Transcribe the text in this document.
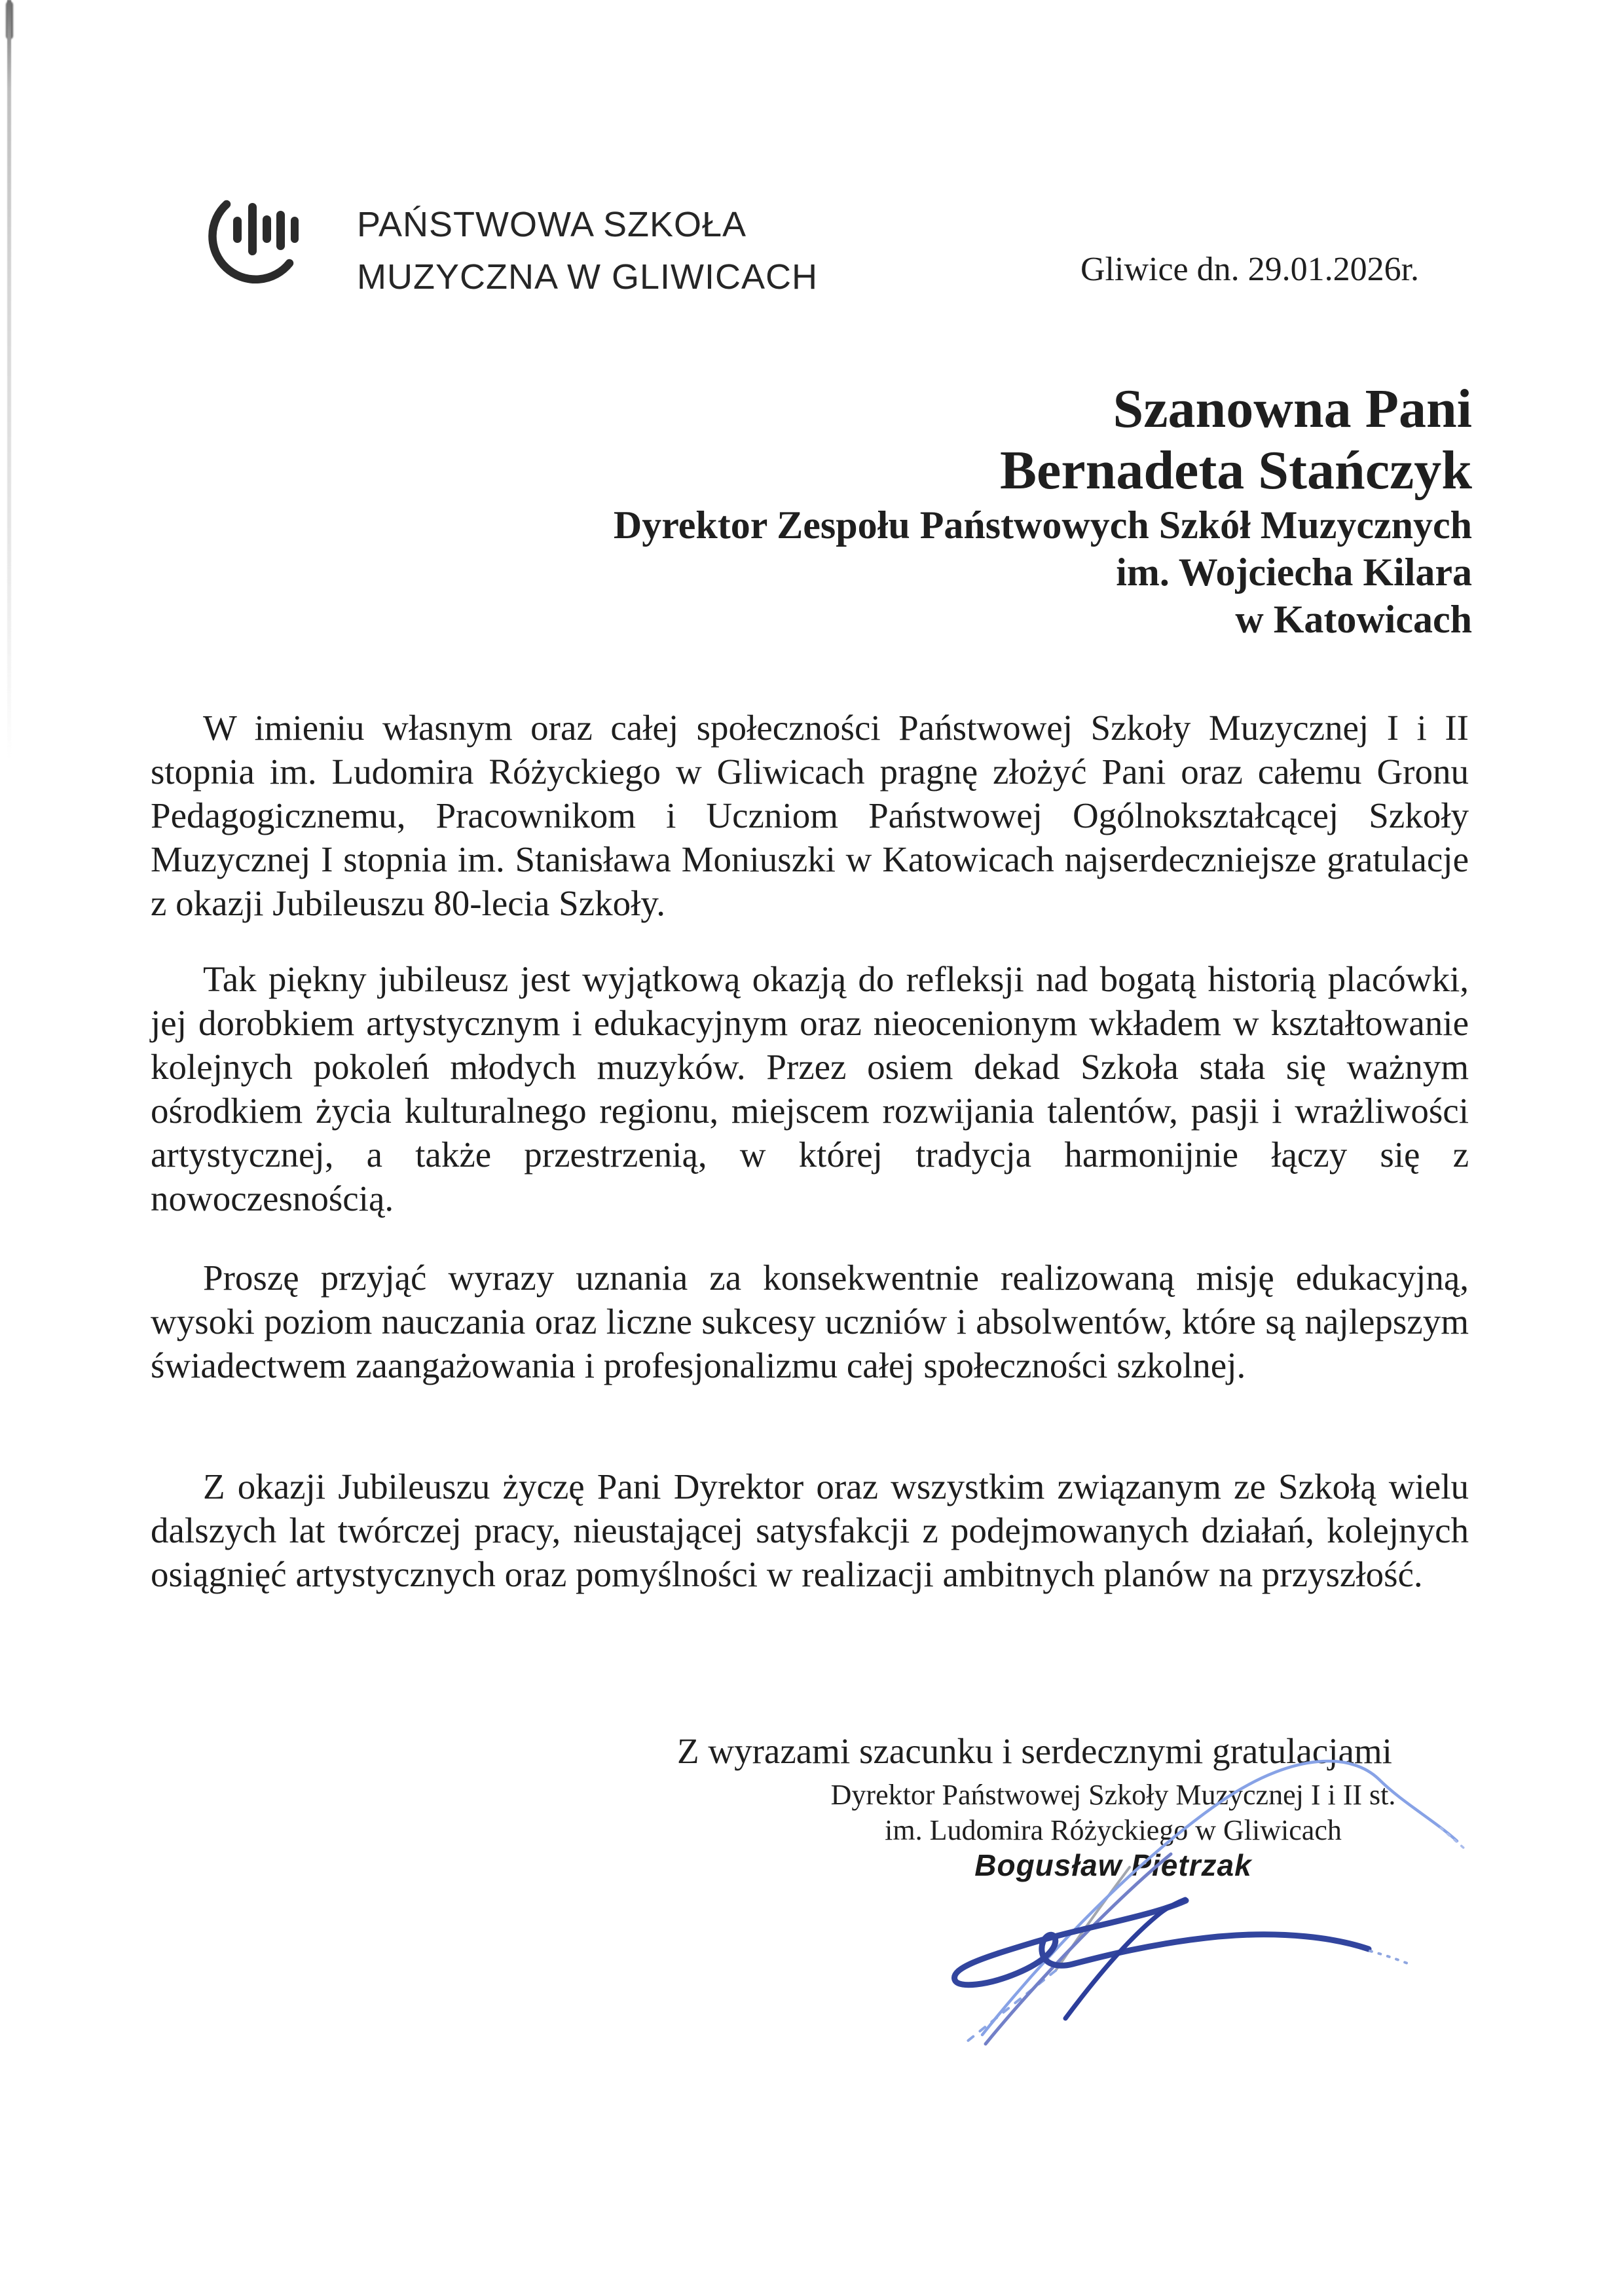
PAŃSTWOWA SZKOŁA
MUZYCZNA W GLIWICACH	Gliwice dn. 29.01.2026r.
Szanowna Pani
Bernadeta Stańczyk
Dyrektor Zespołu Państwowych Szkół Muzycznych
im. Wojciecha Kilara
w Katowicach

W imieniu własnym oraz całej społeczności Państwowej Szkoły Muzycznej I i II stopnia im. Ludomira Różyckiego w Gliwicach pragnę złożyć Pani oraz całemu Gronu Pedagogicznemu, Pracownikom i Uczniom Państwowej Ogólnokształcącej Szkoły Muzycznej I stopnia im. Stanisława Moniuszki w Katowicach najserdeczniejsze gratulacje z okazji Jubileuszu 80-lecia Szkoły.

Tak piękny jubileusz jest wyjątkową okazją do refleksji nad bogatą historią placówki, jej dorobkiem artystycznym i edukacyjnym oraz nieocenionym wkładem w kształtowanie kolejnych pokoleń młodych muzyków. Przez osiem dekad Szkoła stała się ważnym ośrodkiem życia kulturalnego regionu, miejscem rozwijania talentów, pasji i wrażliwości artystycznej, a także przestrzenią, w której tradycja harmonijnie łączy się z nowoczesnością.

Proszę przyjąć wyrazy uznania za konsekwentnie realizowaną misję edukacyjną, wysoki poziom nauczania oraz liczne sukcesy uczniów i absolwentów, które są najlepszym świadectwem zaangażowania i profesjonalizmu całej społeczności szkolnej.

Z okazji Jubileuszu życzę Pani Dyrektor oraz wszystkim związanym ze Szkołą wielu dalszych lat twórczej pracy, nieustającej satysfakcji z podejmowanych działań, kolejnych osiągnięć artystycznych oraz pomyślności w realizacji ambitnych planów na przyszłość.

Z wyrazami szacunku i serdecznymi gratulacjami
Dyrektor Państwowej Szkoły Muzycznej I i II st.
im. Ludomira Różyckiego w Gliwicach
Bogusław Pietrzak
